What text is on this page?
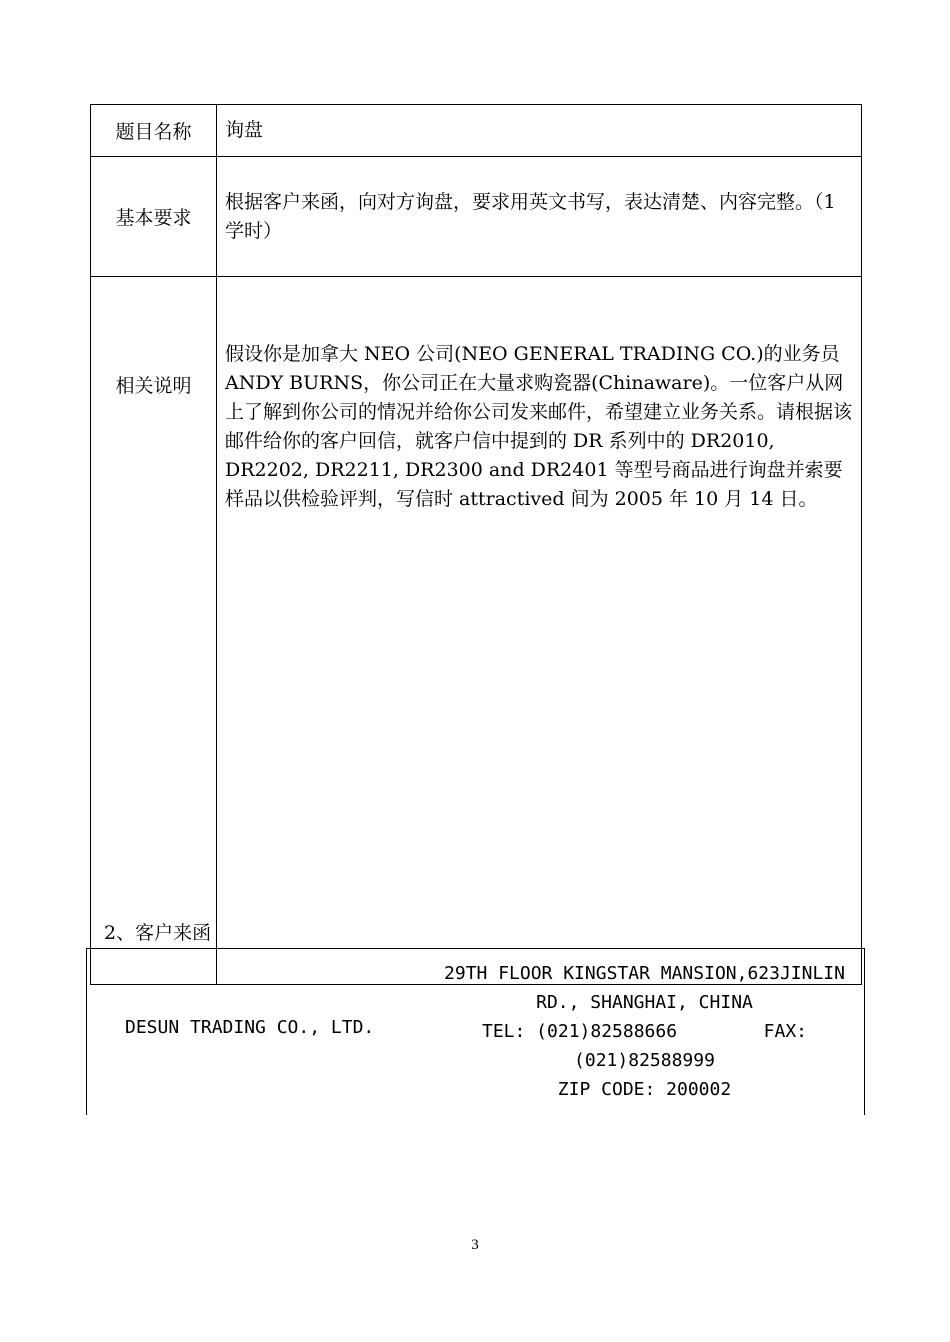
题目名称	询盘
基本要求	根据客户来函，向对方询盘，要求用英文书写，表达清楚、内容完整。（1 学时）
相关说明	假设你是加拿大 NEO 公司(NEO GENERAL TRADING CO.)的业务员ANDY BURNS，你公司正在大量求购瓷器(Chinaware)。一位客户从网上了解到你公司的情况并给你公司发来邮件，希望建立业务关系。请根据该邮件给你的客户回信，就客户信中提到的 DR 系列中的 DR2010, DR2202, DR2211, DR2300 and DR2401 等型号商品进行询盘并索要样品以供检验评判，写信时 attractived 间为 2005 年 10 月 14 日。
2、客户来函
DESUN TRADING CO., LTD.
29TH FLOOR KINGSTAR MANSION,623JINLIN
RD., SHANGHAI, CHINA
TEL: (021)82588666	FAX:
(021)82588999
ZIP CODE: 200002
3
